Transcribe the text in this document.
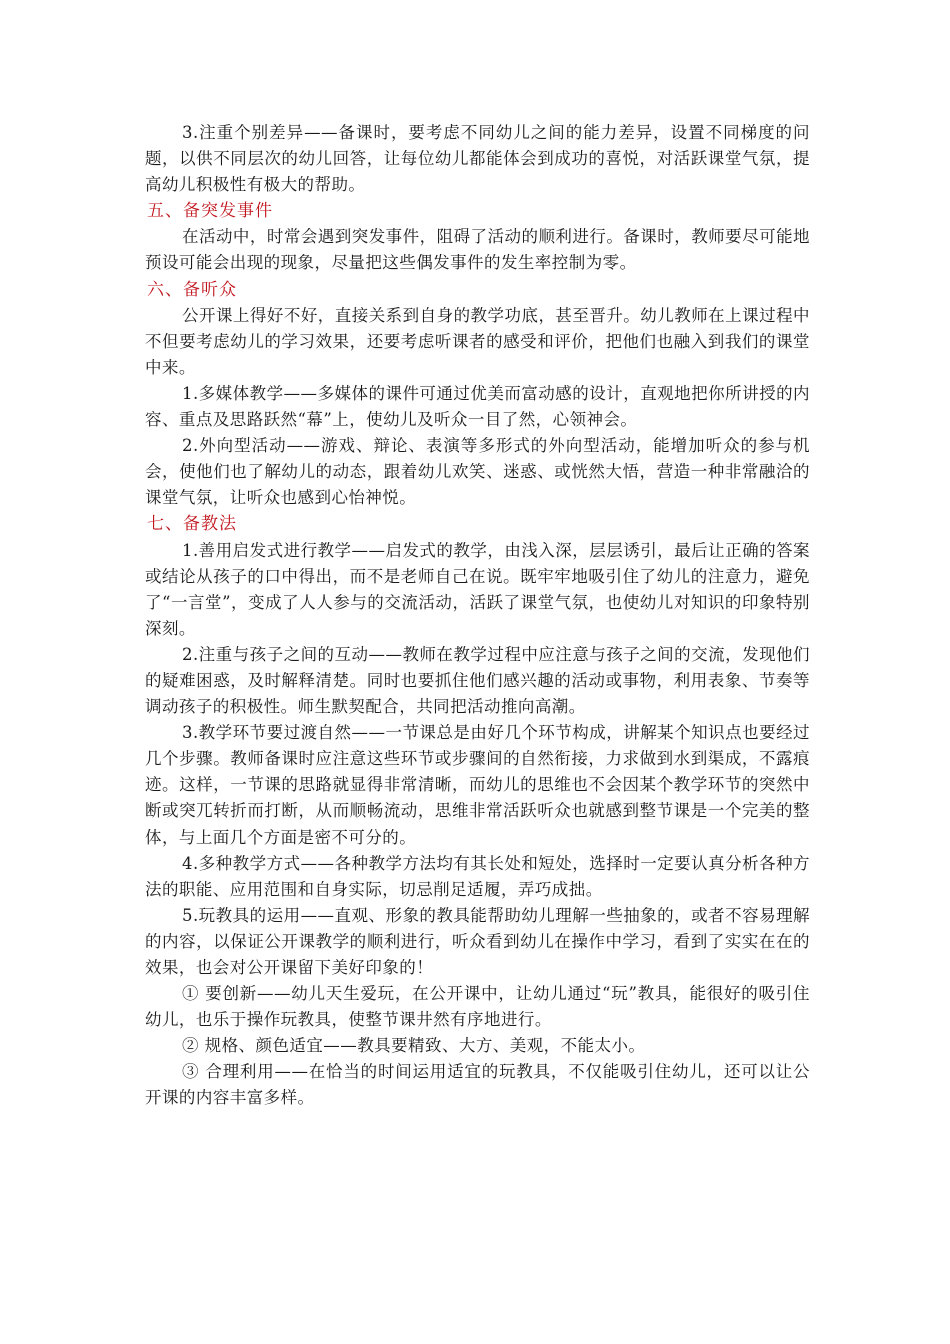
3.注重个别差异——备课时，要考虑不同幼儿之间的能力差异，设置不同梯度的问题，以供不同层次的幼儿回答，让每位幼儿都能体会到成功的喜悦，对活跃课堂气氛，提高幼儿积极性有极大的帮助。

五、备突发事件

在活动中，时常会遇到突发事件，阻碍了活动的顺利进行。备课时，教师要尽可能地预设可能会出现的现象，尽量把这些偶发事件的发生率控制为零。

六、备听众

公开课上得好不好，直接关系到自身的教学功底，甚至晋升。幼儿教师在上课过程中不但要考虑幼儿的学习效果，还要考虑听课者的感受和评价，把他们也融入到我们的课堂中来。

1.多媒体教学——多媒体的课件可通过优美而富动感的设计，直观地把你所讲授的内容、重点及思路跃然“幕”上，使幼儿及听众一目了然，心领神会。

2.外向型活动——游戏、辩论、表演等多形式的外向型活动，能增加听众的参与机会，使他们也了解幼儿的动态，跟着幼儿欢笑、迷惑、或恍然大悟，营造一种非常融洽的课堂气氛，让听众也感到心怡神悦。

七、备教法

1.善用启发式进行教学——启发式的教学，由浅入深，层层诱引，最后让正确的答案或结论从孩子的口中得出，而不是老师自己在说。既牢牢地吸引住了幼儿的注意力，避免了“一言堂”，变成了人人参与的交流活动，活跃了课堂气氛，也使幼儿对知识的印象特别深刻。

2.注重与孩子之间的互动——教师在教学过程中应注意与孩子之间的交流，发现他们的疑难困惑，及时解释清楚。同时也要抓住他们感兴趣的活动或事物，利用表象、节奏等调动孩子的积极性。师生默契配合，共同把活动推向高潮。

3.教学环节要过渡自然——一节课总是由好几个环节构成，讲解某个知识点也要经过几个步骤。教师备课时应注意这些环节或步骤间的自然衔接，力求做到水到渠成，不露痕迹。这样，一节课的思路就显得非常清晰，而幼儿的思维也不会因某个教学环节的突然中断或突兀转折而打断，从而顺畅流动，思维非常活跃听众也就感到整节课是一个完美的整体，与上面几个方面是密不可分的。

4.多种教学方式——各种教学方法均有其长处和短处，选择时一定要认真分析各种方法的职能、应用范围和自身实际，切忌削足适履，弄巧成拙。

5.玩教具的运用——直观、形象的教具能帮助幼儿理解一些抽象的，或者不容易理解的内容，以保证公开课教学的顺利进行，听众看到幼儿在操作中学习，看到了实实在在的效果，也会对公开课留下美好印象的！

① 要创新——幼儿天生爱玩，在公开课中，让幼儿通过“玩”教具，能很好的吸引住幼儿，也乐于操作玩教具，使整节课井然有序地进行。

② 规格、颜色适宜——教具要精致、大方、美观，不能太小。

③ 合理利用——在恰当的时间运用适宜的玩教具，不仅能吸引住幼儿，还可以让公开课的内容丰富多样。
